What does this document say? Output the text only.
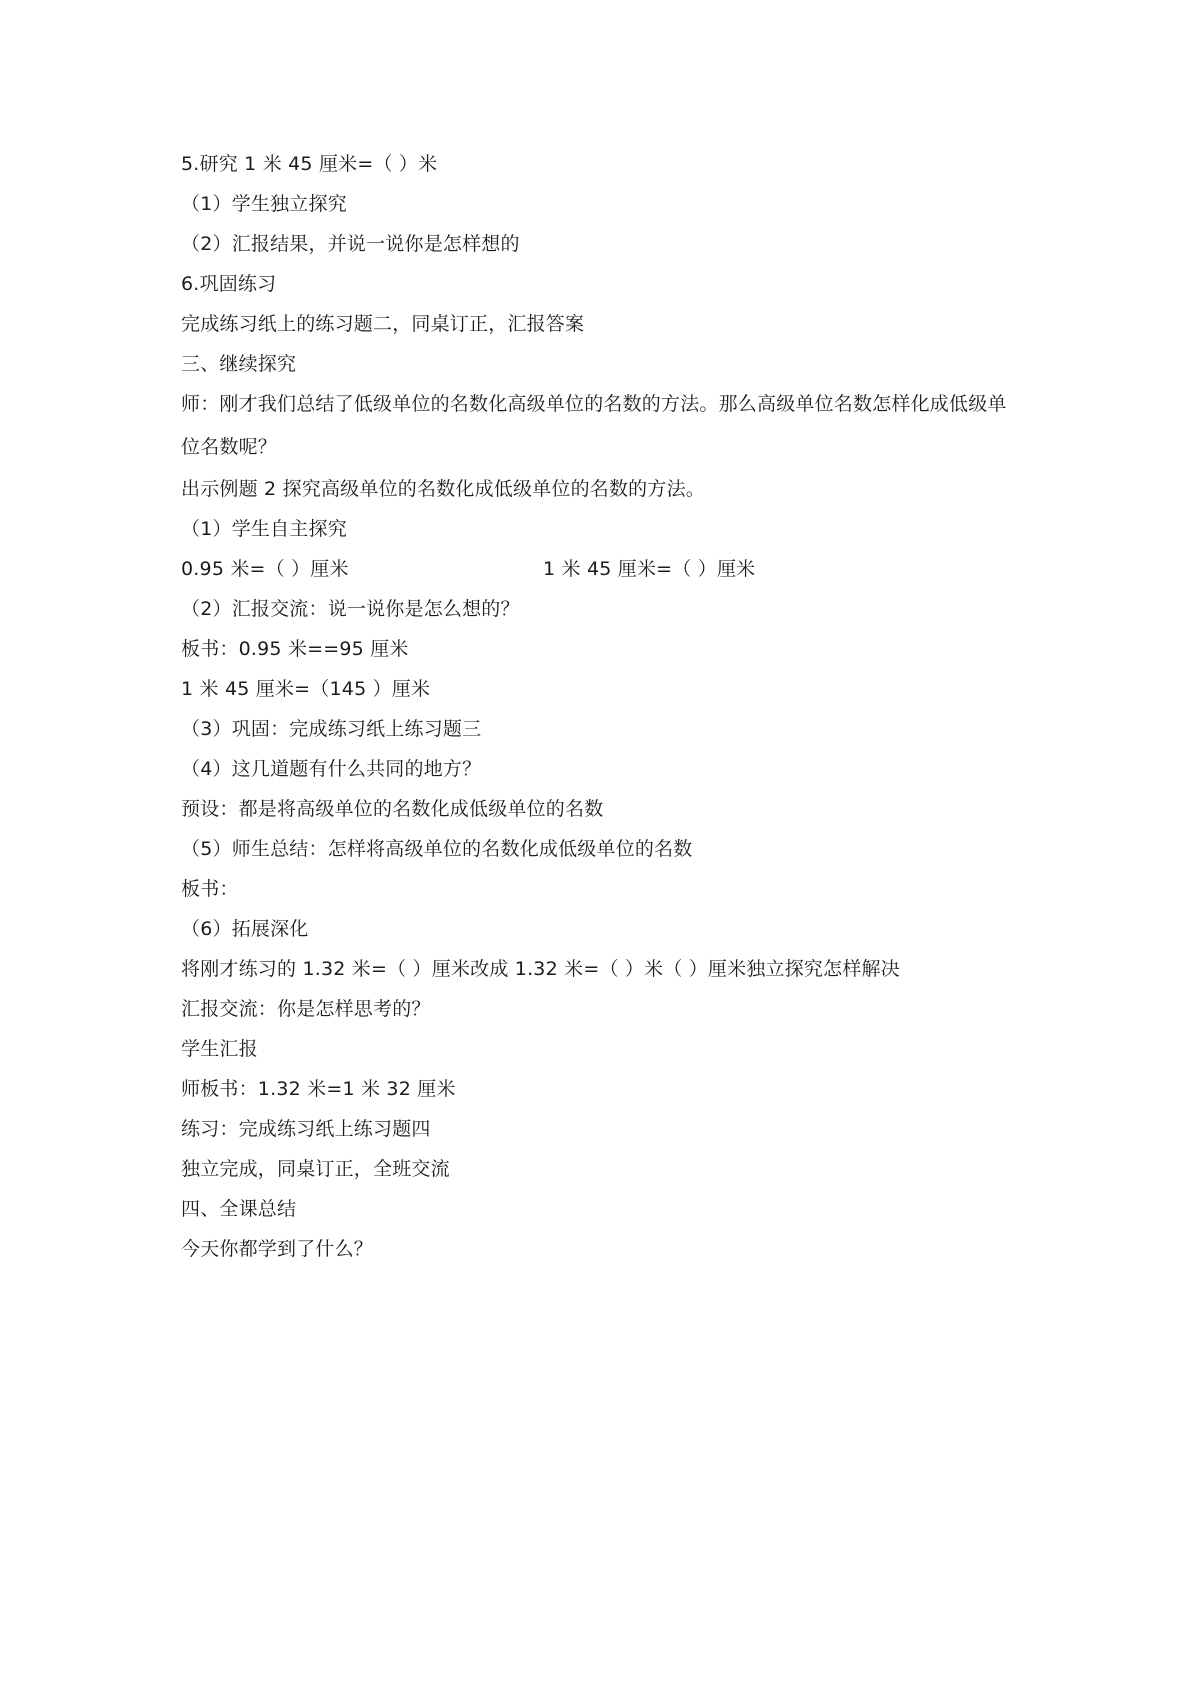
5.研究 1 米 45 厘米=（ ）米

（1）学生独立探究

（2）汇报结果，并说一说你是怎样想的

6.巩固练习

完成练习纸上的练习题二，同桌订正，汇报答案

三、继续探究

师：刚才我们总结了低级单位的名数化高级单位的名数的方法。那么高级单位名数怎样化成低级单位名数呢？

出示例题 2 探究高级单位的名数化成低级单位的名数的方法。

（1）学生自主探究

0.95 米=（ ）厘米	1 米 45 厘米=（ ）厘米

（2）汇报交流：说一说你是怎么想的？

板书：0.95 米==95 厘米

1 米 45 厘米=（145 ）厘米

（3）巩固：完成练习纸上练习题三

（4）这几道题有什么共同的地方？

预设：都是将高级单位的名数化成低级单位的名数

（5）师生总结：怎样将高级单位的名数化成低级单位的名数

板书：

（6）拓展深化

将刚才练习的 1.32 米=（ ）厘米改成 1.32 米=（ ）米（ ）厘米独立探究怎样解决

汇报交流：你是怎样思考的？

学生汇报

师板书：1.32 米=1 米 32 厘米

练习：完成练习纸上练习题四

独立完成，同桌订正，全班交流

四、全课总结

今天你都学到了什么？
